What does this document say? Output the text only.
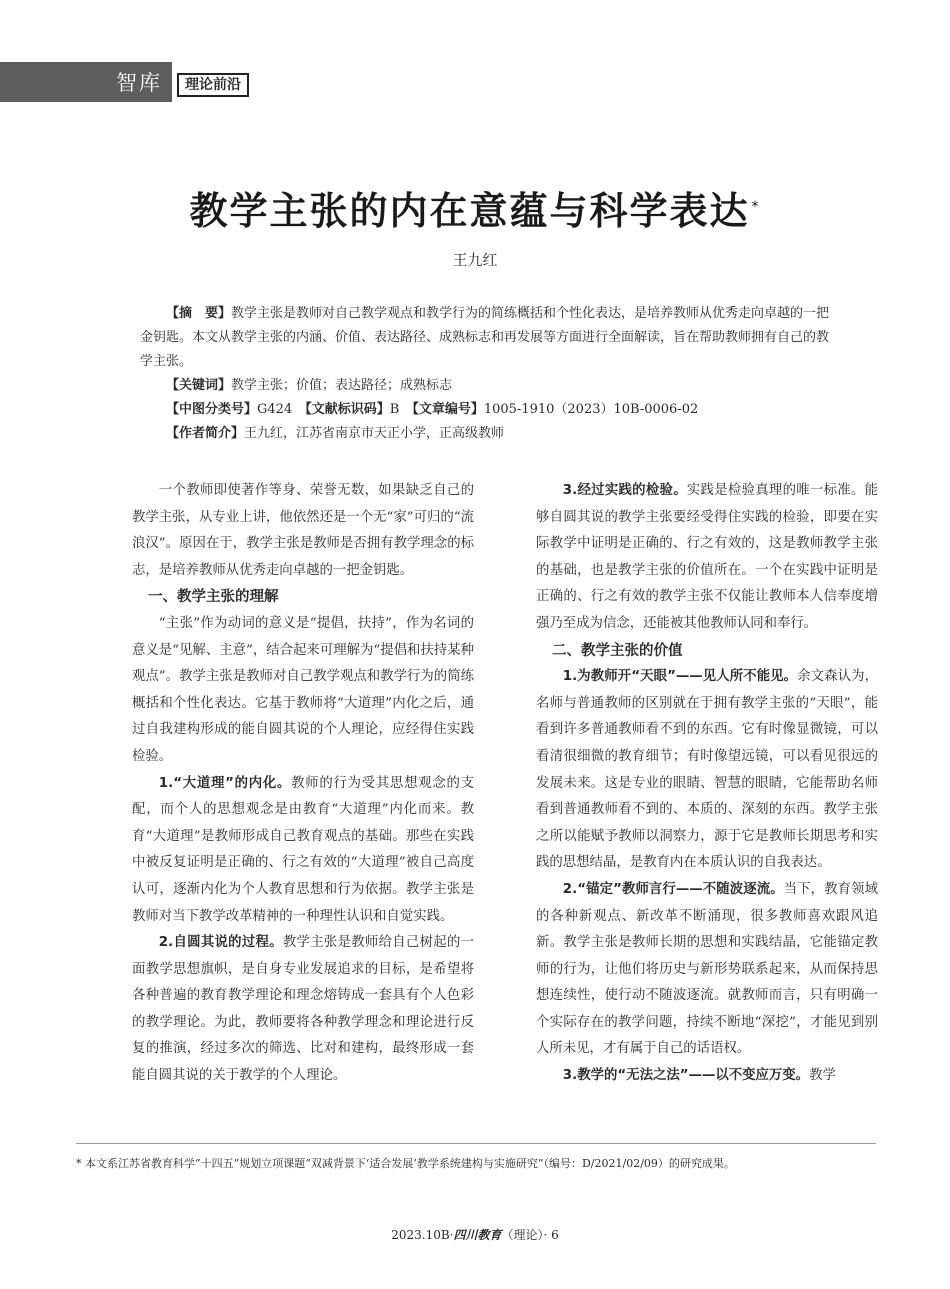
智库	理论前沿
教学主张的内在意蕴与科学表达 *
王九红

【摘　要】教学主张是教师对自己教学观点和教学行为的简练概括和个性化表达，是培养教师从优秀走向卓越的一把金钥匙。本文从教学主张的内涵、价值、表达路径、成熟标志和再发展等方面进行全面解读，旨在帮助教师拥有自己的教学主张。

【关键词】教学主张；价值；表达路径；成熟标志

【中图分类号】G424　 【文献标识码】B　 【文章编号】1005-1910（2023）10B-0006-02

【作者简介】王九红，江苏省南京市天正小学，正高级教师

一个教师即使著作等身、荣誉无数，如果缺乏自己的教学主张，从专业上讲，他依然还是一个无“家”可归的“流浪汉”。原因在于，教学主张是教师是否拥有教学理念的标志，是培养教师从优秀走向卓越的一把金钥匙。

一、教学主张的理解

“主张”作为动词的意义是“提倡，扶持”，作为名词的意义是“见解、主意”，结合起来可理解为“提倡和扶持某种观点”。教学主张是教师对自己教学观点和教学行为的简练概括和个性化表达。它基于教师将“大道理”内化之后，通过自我建构形成的能自圆其说的个人理论，应经得住实践检验。

1.“大道理”的内化。教师的行为受其思想观念的支配，而个人的思想观念是由教育“大道理”内化而来。教育“大道理”是教师形成自己教育观点的基础。那些在实践中被反复证明是正确的、行之有效的“大道理”被自己高度认可，逐渐内化为个人教育思想和行为依据。教学主张是教师对当下教学改革精神的一种理性认识和自觉实践。

2.自圆其说的过程。教学主张是教师给自己树起的一面教学思想旗帜，是自身专业发展追求的目标，是希望将各种普遍的教育教学理论和理念熔铸成一套具有个人色彩的教学理论。为此，教师要将各种教学理念和理论进行反复的推演，经过多次的筛选、比对和建构，最终形成一套能自圆其说的关于教学的个人理论。

3.经过实践的检验。实践是检验真理的唯一标准。能够自圆其说的教学主张要经受得住实践的检验，即要在实际教学中证明是正确的、行之有效的，这是教师教学主张的基础，也是教学主张的价值所在。一个在实践中证明是正确的、行之有效的教学主张不仅能让教师本人信奉度增强乃至成为信念，还能被其他教师认同和奉行。

二、教学主张的价值

1.为教师开“天眼”——见人所不能见。余文森认为，名师与普通教师的区别就在于拥有教学主张的“天眼”，能看到许多普通教师看不到的东西。它有时像显微镜，可以看清很细微的教育细节；有时像望远镜，可以看见很远的发展未来。这是专业的眼睛、智慧的眼睛，它能帮助名师看到普通教师看不到的、本质的、深刻的东西。教学主张之所以能赋予教师以洞察力，源于它是教师长期思考和实践的思想结晶，是教育内在本质认识的自我表达。

2.“锚定”教师言行——不随波逐流。当下，教育领域的各种新观点、新改革不断涌现，很多教师喜欢跟风追新。教学主张是教师长期的思想和实践结晶，它能锚定教师的行为，让他们将历史与新形势联系起来，从而保持思想连续性，使行动不随波逐流。就教师而言，只有明确一个实际存在的教学问题，持续不断地“深挖”，才能见到别人所未见，才有属于自己的话语权。

3.教学的“无法之法”——以不变应万变。教学

* 本文系江苏省教育科学“十四五”规划立项课题“双减背景下‘适合发展’教学系统建构与实施研究”（编号：D/2021/02/09）的研究成果。
2023.10B·四川教育（理论）· 6
